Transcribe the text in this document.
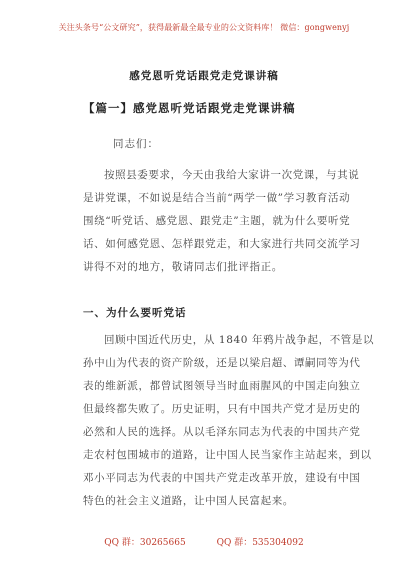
关注头条号“公文研究”，获得最新最全最专业的公文资料库！ 微信：gongwenyj
感党恩听党话跟党走党课讲稿
【篇一】感党恩听党话跟党走党课讲稿
同志们：
按照县委要求，今天由我给大家讲一次党课，与其说
是讲党课，不如说是结合当前“两学一做”学习教育活动
围绕“听党话、感党恩、跟党走”主题，就为什么要听党
话、如何感党恩、怎样跟党走，和大家进行共同交流学习
讲得不对的地方，敬请同志们批评指正。
一、为什么要听党话
回顾中国近代历史，从 1840 年鸦片战争起，不管是以
孙中山为代表的资产阶级，还是以梁启超、谭嗣同等为代
表的维新派，都曾试图领导当时血雨腥风的中国走向独立
但最终都失败了。历史证明，只有中国共产党才是历史的
必然和人民的选择。从以毛泽东同志为代表的中国共产党
走农村包围城市的道路，让中国人民当家作主站起来，到以
邓小平同志为代表的中国共产党走改革开放，建设有中国
特色的社会主义道路，让中国人民富起来。
QQ 群：30265665	QQ 群：535304092
